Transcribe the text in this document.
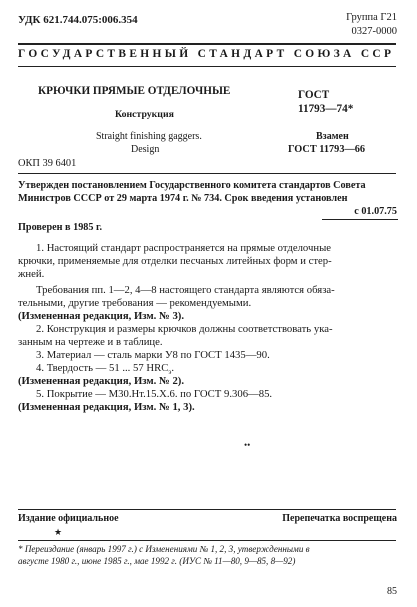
УДК 621.744.075:006.354	Группа Г21
0327-0000
ГОСУДАРСТВЕННЫЙ СТАНДАРТ СОЮЗА ССР
КРЮЧКИ ПРЯМЫЕ ОТДЕЛОЧНЫЕ
Конструкция
Straight finishing gaggers.
Design
ГОСТ
11793—74*
Взамен
ГОСТ 11793—66
ОКП 39 6401
Утвержден постановлением Государственного комитета стандартов Совета
Министров СССР от 29 марта 1974 г. № 734. Срок введения установлен
с 01.07.75
Проверен в 1985 г.
1. Настоящий стандарт распространяется на прямые отделочные
крючки, применяемые для отделки песчаных литейных форм и стер-
жней.
Требования пп. 1—2, 4—8 настоящего стандарта являются обяза-
тельными, другие требования — рекомендуемыми.
(Измененная редакция, Изм. № 3).
2. Конструкция и размеры крючков должны соответствовать ука-
занным на чертеже и в таблице.
3. Материал — сталь марки У8 по ГОСТ 1435—90.
4. Твердость — 51 ... 57 $HRC_э$.
(Измененная редакция, Изм. № 2).
5. Покрытие — М30.Нт.15.Х.6. по ГОСТ 9.306—85.
(Измененная редакция, Изм. № 1, 3).
••
Издание официальное	Перепечатка воспрещена
★
* Переиздание (январь 1997 г.) с Изменениями № 1, 2, 3, утвержденными в
августе 1980 г., июне 1985 г., мае 1992 г. (ИУС № 11—80, 9—85, 8—92)
85
